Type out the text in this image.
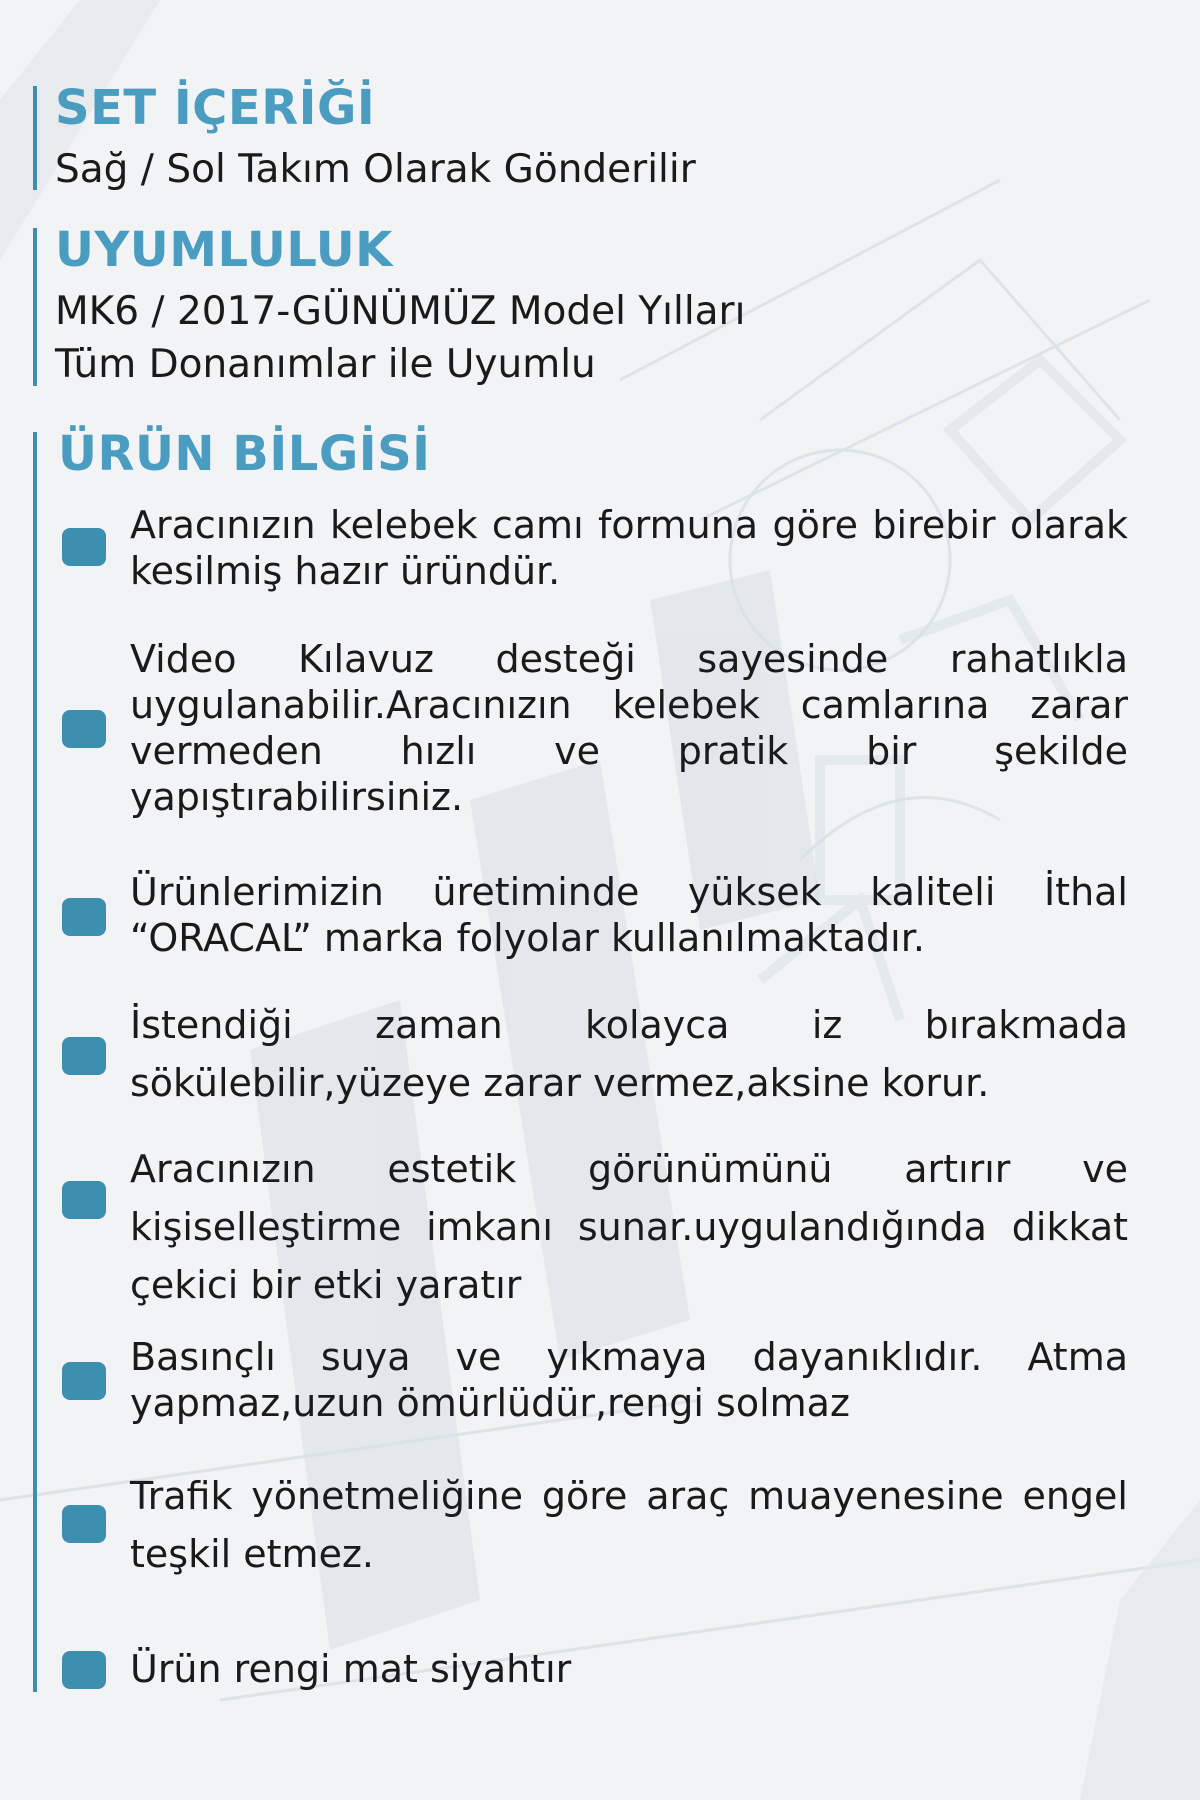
SET İÇERİĞİ

Sağ / Sol Takım Olarak Gönderilir

UYUMLULUK

MK6 / 2017-GÜNÜMÜZ Model Yılları

Tüm Donanımlar ile Uyumlu

ÜRÜN BİLGİSİ

Aracınızın kelebek camı formuna göre birebir olarak kesilmiş hazır üründür.

Video Kılavuz desteği sayesinde rahatlıkla uygulanabilir.Aracınızın kelebek camlarına zarar vermeden hızlı ve pratik bir şekilde yapıştırabilirsiniz.

Ürünlerimizin üretiminde yüksek kaliteli İthal “ORACAL” marka folyolar kullanılmaktadır.

İstendiği zaman kolayca iz bırakmada sökülebilir,yüzeye zarar vermez,aksine korur.

Aracınızın estetik görünümünü artırır ve kişiselleştirme imkanı sunar.uygulandığında dikkat çekici bir etki yaratır

Basınçlı suya ve yıkmaya dayanıklıdır. Atma yapmaz,uzun ömürlüdür,rengi solmaz

Trafik yönetmeliğine göre araç muayenesine engel teşkil etmez.

Ürün rengi mat siyahtır
